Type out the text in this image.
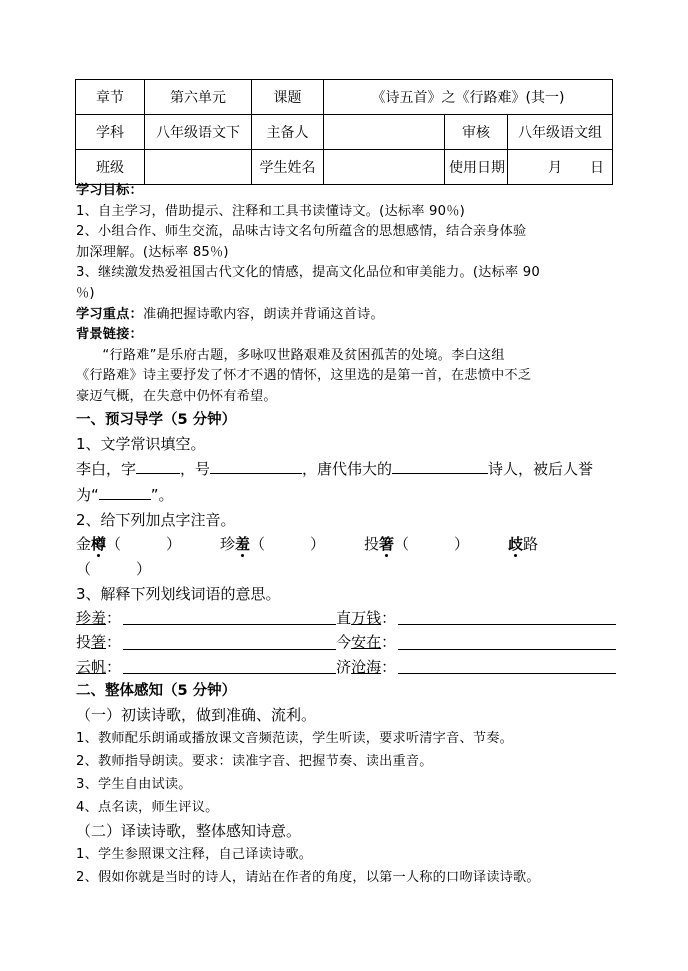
章节	第六单元	课题	《诗五首》之《行路难》(其一)		
学科	八年级语文下	主备人		审核	八年级语文组
班级		学生姓名		使用日期	月　　日
学习目标：
1、自主学习，借助提示、注释和工具书读懂诗文。(达标率 90％)
2、小组合作、师生交流，品味古诗文名句所蕴含的思想感情，结合亲身体验
加深理解。(达标率 85％)
3、继续激发热爱祖国古代文化的情感，提高文化品位和审美能力。(达标率 90
％)
学习重点：准确把握诗歌内容，朗读并背诵这首诗。
背景链接：
“行路难”是乐府古题，多咏叹世路艰难及贫困孤苦的处境。李白这组
《行路难》诗主要抒发了怀才不遇的情怀，这里选的是第一首，在悲愤中不乏
豪迈气概，在失意中仍怀有希望。
一、预习导学（5 分钟）
1、文学常识填空。
李白，字	，号	，唐代伟大的	诗人，被后人誉
为“	”。
2、给下列加点字注音。
金樽（　　　）	珍羞（　　　）	投箸（　　　）	歧路
（　　　）
3、解释下列划线词语的意思。
珍羞 ：	直 万钱 ：
投 箸 ：	今 安在 ：
云帆 ：	济 沧海 ：
二、整体感知（5 分钟）
（一）初读诗歌，做到准确、流利。
1、教师配乐朗诵或播放课文音频范读，学生听读，要求听清字音、节奏。
2、教师指导朗读。要求：读准字音、把握节奏、读出重音。
3、学生自由试读。
4、点名读，师生评议。
（二）译读诗歌，整体感知诗意。
1、学生参照课文注释，自己译读诗歌。
2、假如你就是当时的诗人，请站在作者的角度，以第一人称的口吻译读诗歌。
